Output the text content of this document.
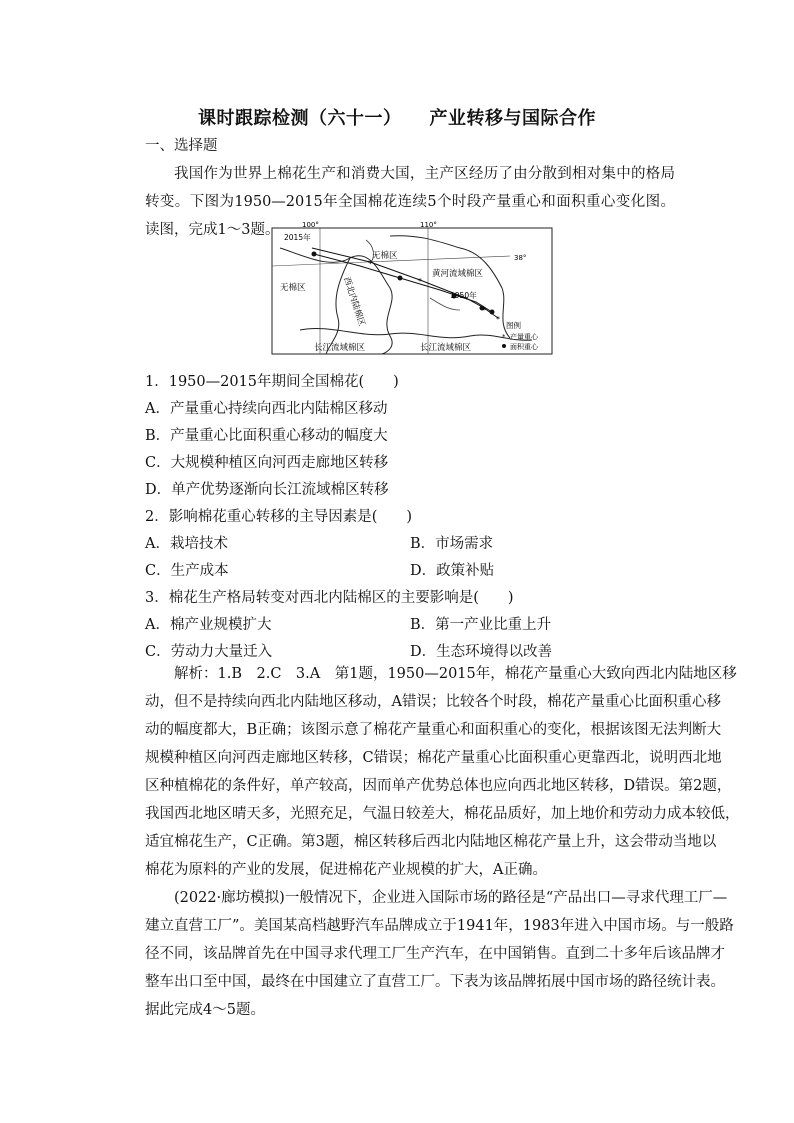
课时跟踪检测（六十一） 产业转移与国际合作
一、选择题
我国作为世界上棉花生产和消费大国，主产区经历了由分散到相对集中的格局转变。下图为1950—2015年全国棉花连续5个时段产量重心和面积重心变化图。读图，完成1～3题。
*
*
*
*
100°	110°
38°
2015年
1950年
无棉区
无棉区	西北内陆棉区
黄河流域棉区
长江流域棉区	长江流域棉区
图例
* 产量重心
面积重心
1．1950—2015年期间全国棉花(　　)
A．产量重心持续向西北内陆棉区移动
B．产量重心比面积重心移动的幅度大
C．大规模种植区向河西走廊地区转移
D．单产优势逐渐向长江流域棉区转移
2．影响棉花重心转移的主导因素是(　　)
A．栽培技术	B．市场需求
C．生产成本	D．政策补贴
3．棉花生产格局转变对西北内陆棉区的主要影响是(　　)
A．棉产业规模扩大	B．第一产业比重上升
C．劳动力大量迁入	D．生态环境得以改善
解析：1.B　2.C　3.A　第1题，1950—2015年，棉花产量重心大致向西北内陆地区移
动，但不是持续向西北内陆地区移动，A错误；比较各个时段，棉花产量重心比面积重心移
动的幅度都大，B正确；该图示意了棉花产量重心和面积重心的变化，根据该图无法判断大
规模种植区向河西走廊地区转移，C错误；棉花产量重心比面积重心更靠西北，说明西北地
区种植棉花的条件好，单产较高，因而单产优势总体也应向西北地区转移，D错误。第2题，
我国西北地区晴天多，光照充足，气温日较差大，棉花品质好，加上地价和劳动力成本较低，
适宜棉花生产，C正确。第3题，棉区转移后西北内陆地区棉花产量上升，这会带动当地以
棉花为原料的产业的发展，促进棉花产业规模的扩大，A正确。
(2022·廊坊模拟)一般情况下，企业进入国际市场的路径是“产品出口—寻求代理工厂—
建立直营工厂”。美国某高档越野汽车品牌成立于1941年，1983年进入中国市场。与一般路
径不同，该品牌首先在中国寻求代理工厂生产汽车，在中国销售。直到二十多年后该品牌才
整车出口至中国，最终在中国建立了直营工厂。下表为该品牌拓展中国市场的路径统计表。
据此完成4～5题。
